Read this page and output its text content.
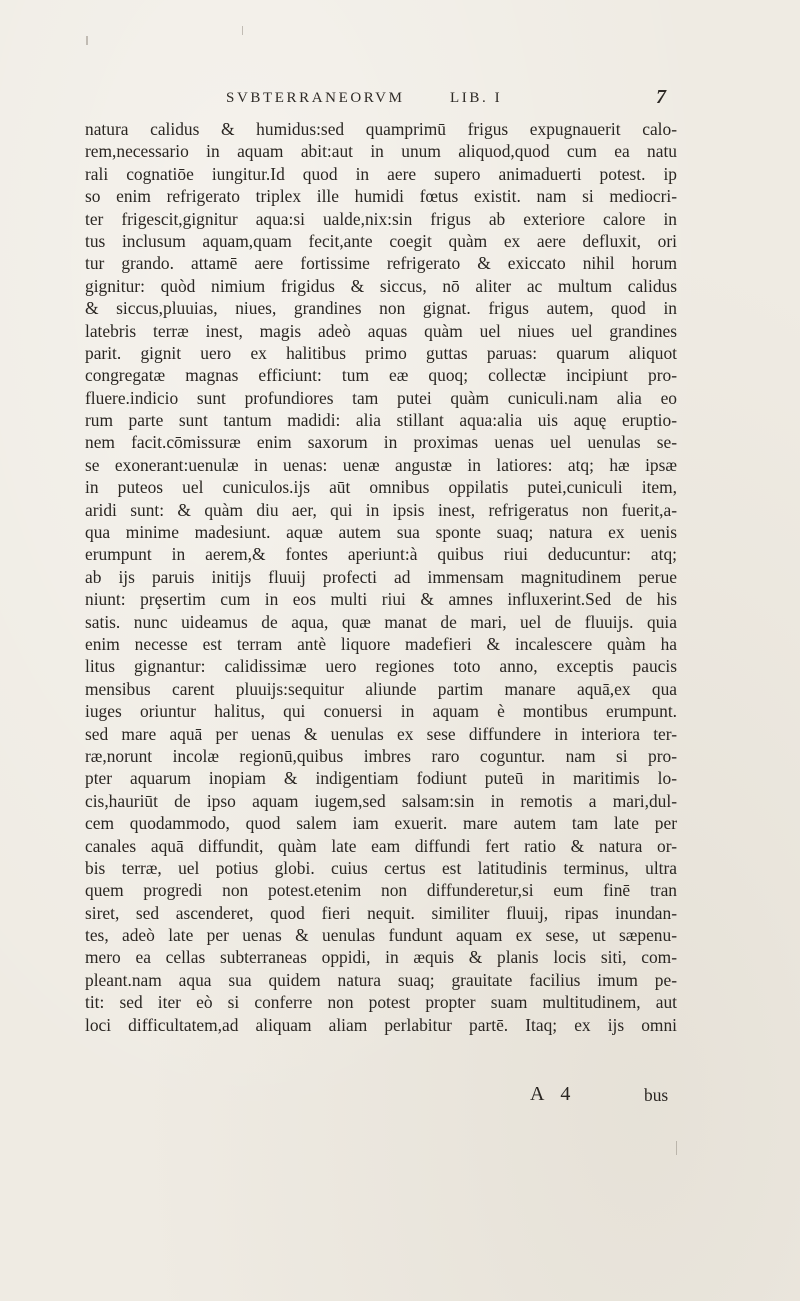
SVBTERRANEORVM	LIB. I	7
natura calidus & humidus:sed quamprimū frigus expugnauerit calo-
rem,necessario in aquam abit:aut in unum aliquod,quod cum ea natu
rali cognatiōe iungitur.Id quod in aere supero animaduerti potest. ip
so enim refrigerato triplex ille humidi fœtus existit. nam si mediocri-
ter frigescit,gignitur aqua:si ualde,nix:sin frigus ab exteriore calore in
tus inclusum aquam,quam fecit,ante coegit quàm ex aere defluxit, ori
tur grando. attamē aere fortissime refrigerato & exiccato nihil horum
gignitur: quòd nimium frigidus & siccus, nō aliter ac multum calidus
& siccus,pluuias, niues, grandines non gignat. frigus autem, quod in
latebris terræ inest, magis adeò aquas quàm uel niues uel grandines
parit. gignit uero ex halitibus primo guttas paruas: quarum aliquot
congregatæ magnas efficiunt: tum eæ quoq; collectæ incipiunt pro-
fluere.indicio sunt profundiores tam putei quàm cuniculi.nam alia eo
rum parte sunt tantum madidi: alia stillant aqua:alia uis aquę eruptio-
nem facit.cōmissuræ enim saxorum in proximas uenas uel uenulas se-
se exonerant:uenulæ in uenas: uenæ angustæ in latiores: atq; hæ ipsæ
in puteos uel cuniculos.ijs aūt omnibus oppilatis putei,cuniculi item,
aridi sunt: & quàm diu aer, qui in ipsis inest, refrigeratus non fuerit,a-
qua minime madesiunt. aquæ autem sua sponte suaq; natura ex uenis
erumpunt in aerem,& fontes aperiunt:à quibus riui deducuntur: atq;
ab ijs paruis initijs fluuij profecti ad immensam magnitudinem perue
niunt: prȩsertim cum in eos multi riui & amnes influxerint.Sed de his
satis. nunc uideamus de aqua, quæ manat de mari, uel de fluuijs. quia
enim necesse est terram antè liquore madefieri & incalescere quàm ha
litus gignantur: calidissimæ uero regiones toto anno, exceptis paucis
mensibus carent pluuijs:sequitur aliunde partim manare aquā,ex qua
iuges oriuntur halitus, qui conuersi in aquam è montibus erumpunt.
sed mare aquā per uenas & uenulas ex sese diffundere in interiora ter-
ræ,norunt incolæ regionū,quibus imbres raro coguntur. nam si pro-
pter aquarum inopiam & indigentiam fodiunt puteū in maritimis lo-
cis,hauriūt de ipso aquam iugem,sed salsam:sin in remotis a mari,dul-
cem quodammodo, quod salem iam exuerit. mare autem tam late per
canales aquā diffundit, quàm late eam diffundi fert ratio & natura or-
bis terræ, uel potius globi. cuius certus est latitudinis terminus, ultra
quem progredi non potest.etenim non diffunderetur,si eum finē tran
siret, sed ascenderet, quod fieri nequit. similiter fluuij, ripas inundan-
tes, adeò late per uenas & uenulas fundunt aquam ex sese, ut sæpenu-
mero ea cellas subterraneas oppidi, in æquis & planis locis siti, com-
pleant.nam aqua sua quidem natura suaq; grauitate facilius imum pe-
tit: sed iter eò si conferre non potest propter suam multitudinem, aut
loci difficultatem,ad aliquam aliam perlabitur partē. Itaq; ex ijs omni
A 4	bus
